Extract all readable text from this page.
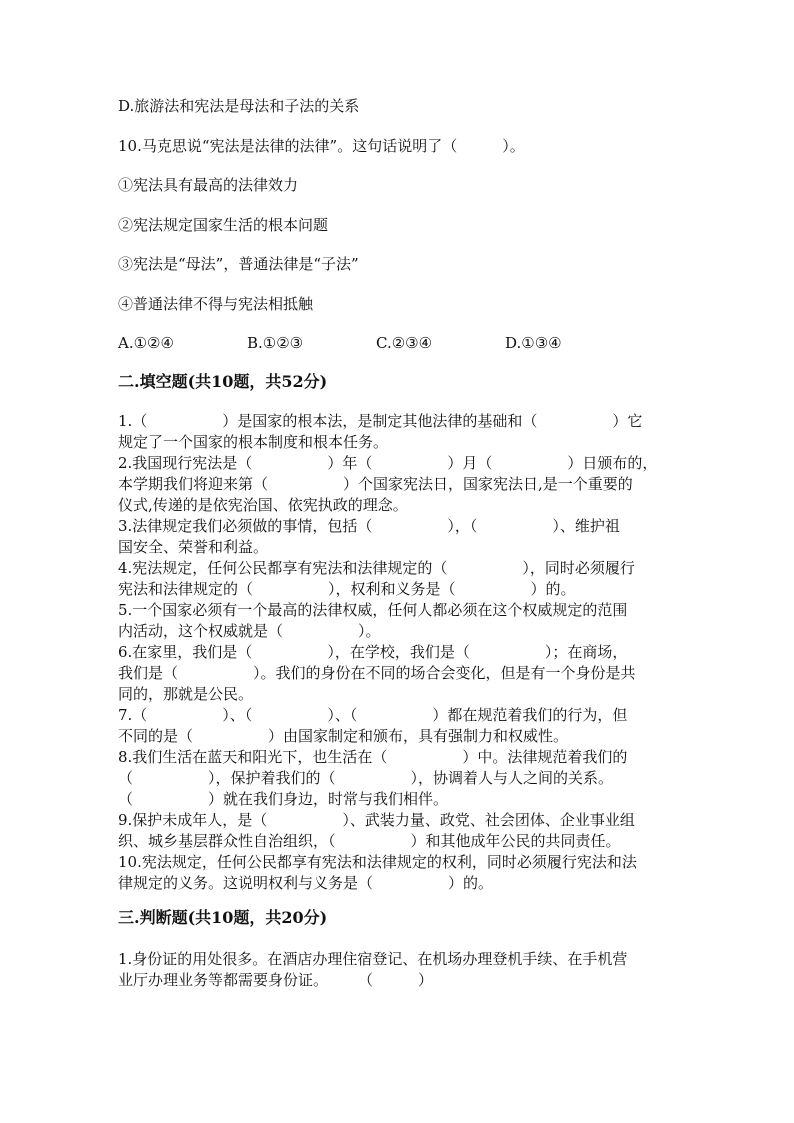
D.旅游法和宪法是母法和子法的关系
10.马克思说“宪法是法律的法律”。这句话说明了（　　　）。
①宪法具有最高的法律效力
②宪法规定国家生活的根本问题
③宪法是“母法”，普通法律是“子法”
④普通法律不得与宪法相抵触
A.①②④	B.①②③	C.②③④	D.①③④
二.填空题(共10题，共52分)
1.（　　　　　）是国家的根本法，是制定其他法律的基础和（　　　　　）它
规定了一个国家的根本制度和根本任务。
2.我国现行宪法是（　　　　　）年（　　　　　）月（　　　　　）日颁布的，
本学期我们将迎来第（　　　　　）个国家宪法日，国家宪法日,是一个重要的
仪式,传递的是依宪治国、依宪执政的理念。
3.法律规定我们必须做的事情，包括（　　　　　），（　　　　　）、维护祖
国安全、荣誉和利益。
4.宪法规定，任何公民都享有宪法和法律规定的（　　　　　），同时必须履行
宪法和法律规定的（　　　　　），权利和义务是（　　　　　）的。
5.一个国家必须有一个最高的法律权威，任何人都必须在这个权威规定的范围
内活动，这个权威就是（　　　　　）。
6.在家里，我们是（　　　　　），在学校，我们是（　　　　　）；在商场，
我们是（　　　　　）。我们的身份在不同的场合会变化，但是有一个身份是共
同的，那就是公民。
7.（　　　　　）、（　　　　　）、（　　　　　）都在规范着我们的行为，但
不同的是（　　　　　）由国家制定和颁布，具有强制力和权威性。
8.我们生活在蓝天和阳光下，也生活在（　　　　　）中。法律规范着我们的
（　　　　　），保护着我们的（　　　　　），协调着人与人之间的关系。
（　　　　　）就在我们身边，时常与我们相伴。
9.保护未成年人，是（　　　　　）、武装力量、政党、社会团体、企业事业组
织、城乡基层群众性自治组织，（　　　　　）和其他成年公民的共同责任。
10.宪法规定，任何公民都享有宪法和法律规定的权利，同时必须履行宪法和法
律规定的义务。这说明权利与义务是（　　　　　）的。
三.判断题(共10题，共20分)
1.身份证的用处很多。在酒店办理住宿登记、在机场办理登机手续、在手机营
业厅办理业务等都需要身份证。　　　（　　　）
